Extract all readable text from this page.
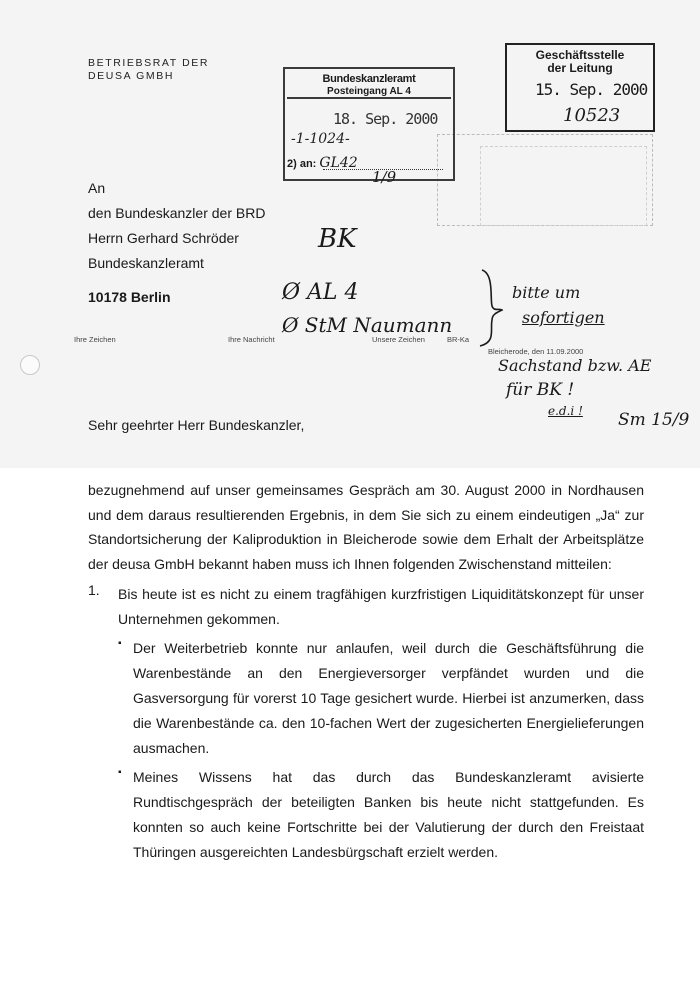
BETRIEBSRAT DER
DEUSA GMBH	Bundeskanzleramt
Posteingang AL 4
18. Sep. 2000
-1-1024-
2) an: GL42
Geschäftsstelle
der Leitung
15. Sep. 2000
10523
An
den Bundeskanzler der BRD
Herrn Gerhard Schröder
Bundeskanzleramt
10178 Berlin
Ihre Zeichen	Ihre Nachricht	Unsere Zeichen	BR-Ka
Bleicherode, den 11.09.2000
1/9
BK
Ø AL 4
Ø StM Naumann
bitte um
sofortigen
Sachstand bzw. AE
für BK !
e.d.i ! Sm 15/9
Sehr geehrter Herr Bundeskanzler,
bezugnehmend auf unser gemeinsames Gespräch am 30. August 2000 in Nordhausen und dem daraus resultierenden Ergebnis, in dem Sie sich zu einem eindeutigen „Ja“ zur Standortsicherung der Kaliproduktion in Bleicherode sowie dem Erhalt der Arbeitsplätze der deusa GmbH bekannt haben muss ich Ihnen folgenden Zwischenstand mitteilen:
1. Bis heute ist es nicht zu einem tragfähigen kurzfristigen Liquiditätskonzept für unser Unternehmen gekommen.
▪ Der Weiterbetrieb konnte nur anlaufen, weil durch die Geschäftsführung die Warenbestände an den Energieversorger verpfändet wurden und die Gasversorgung für vorerst 10 Tage gesichert wurde. Hierbei ist anzumerken, dass die Warenbestände ca. den 10-fachen Wert der zugesicherten Energielieferungen ausmachen.
▪ Meines Wissens hat das durch das Bundeskanzleramt avisierte Rundtischgespräch der beteiligten Banken bis heute nicht stattgefunden. Es konnten so auch keine Fortschritte bei der Valutierung der durch den Freistaat Thüringen ausgereichten Landesbürgschaft erzielt werden.
